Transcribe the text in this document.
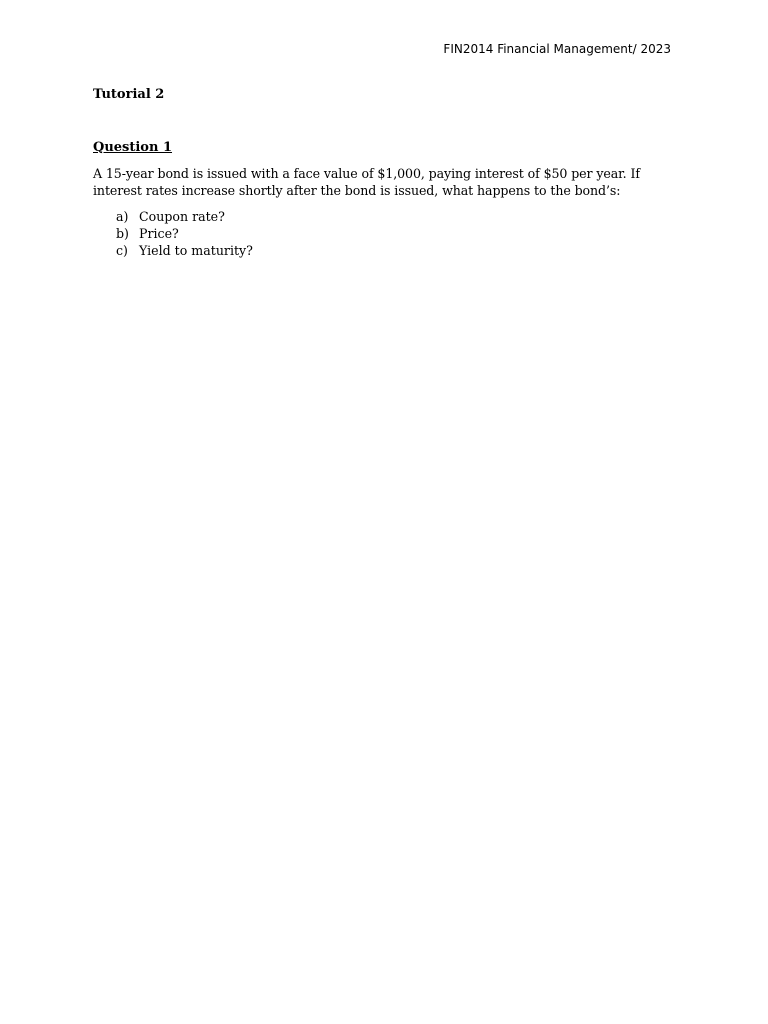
FIN2014 Financial Management/ 2023

Tutorial 2

Question 1

A 15-year bond is issued with a face value of $1,000, paying interest of $50 per year. If interest rates increase shortly after the bond is issued, what happens to the bond’s:

a) Coupon rate?
b) Price?
c) Yield to maturity?
